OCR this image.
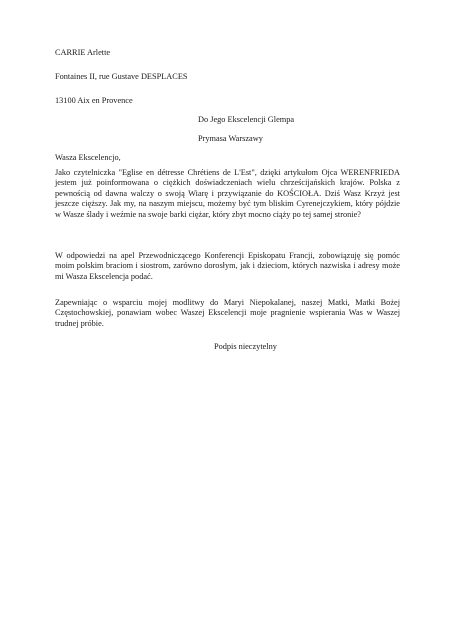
CARRIE Arlette
Fontaines II, rue Gustave DESPLACES
13100 Aix en Provence
Do Jego Ekscelencji Glempa
Prymasa Warszawy
Wasza Ekscelencjo,
Jako czytelniczka "Eglise en détresse Chrétiens de L'Est", dzięki artykułom Ojca WERENFRIEDA jestem już poinformowana o ciężkich doświadczeniach wielu chrześcijańskich krajów. Polska z pewnością od dawna walczy o swoją Wiarę i przywiązanie do KOŚCIOŁA. Dziś Wasz Krzyż jest jeszcze cięższy. Jak my, na naszym miejscu, możemy być tym bliskim Cyrenejczykiem, który pójdzie w Wasze ślady i weźmie na swoje barki ciężar, który zbyt mocno ciąży po tej samej stronie?
W odpowiedzi na apel Przewodniczącego Konferencji Episkopatu Francji, zobowiązuję się pomóc moim polskim braciom i siostrom, zarówno dorosłym, jak i dzieciom, których nazwiska i adresy może mi Wasza Ekscelencja podać.
Zapewniając o wsparciu mojej modlitwy do Maryi Niepokalanej, naszej Matki, Matki Bożej Częstochowskiej, ponawiam wobec Waszej Ekscelencji moje pragnienie wspierania Was w Waszej trudnej próbie.
Podpis nieczytelny
